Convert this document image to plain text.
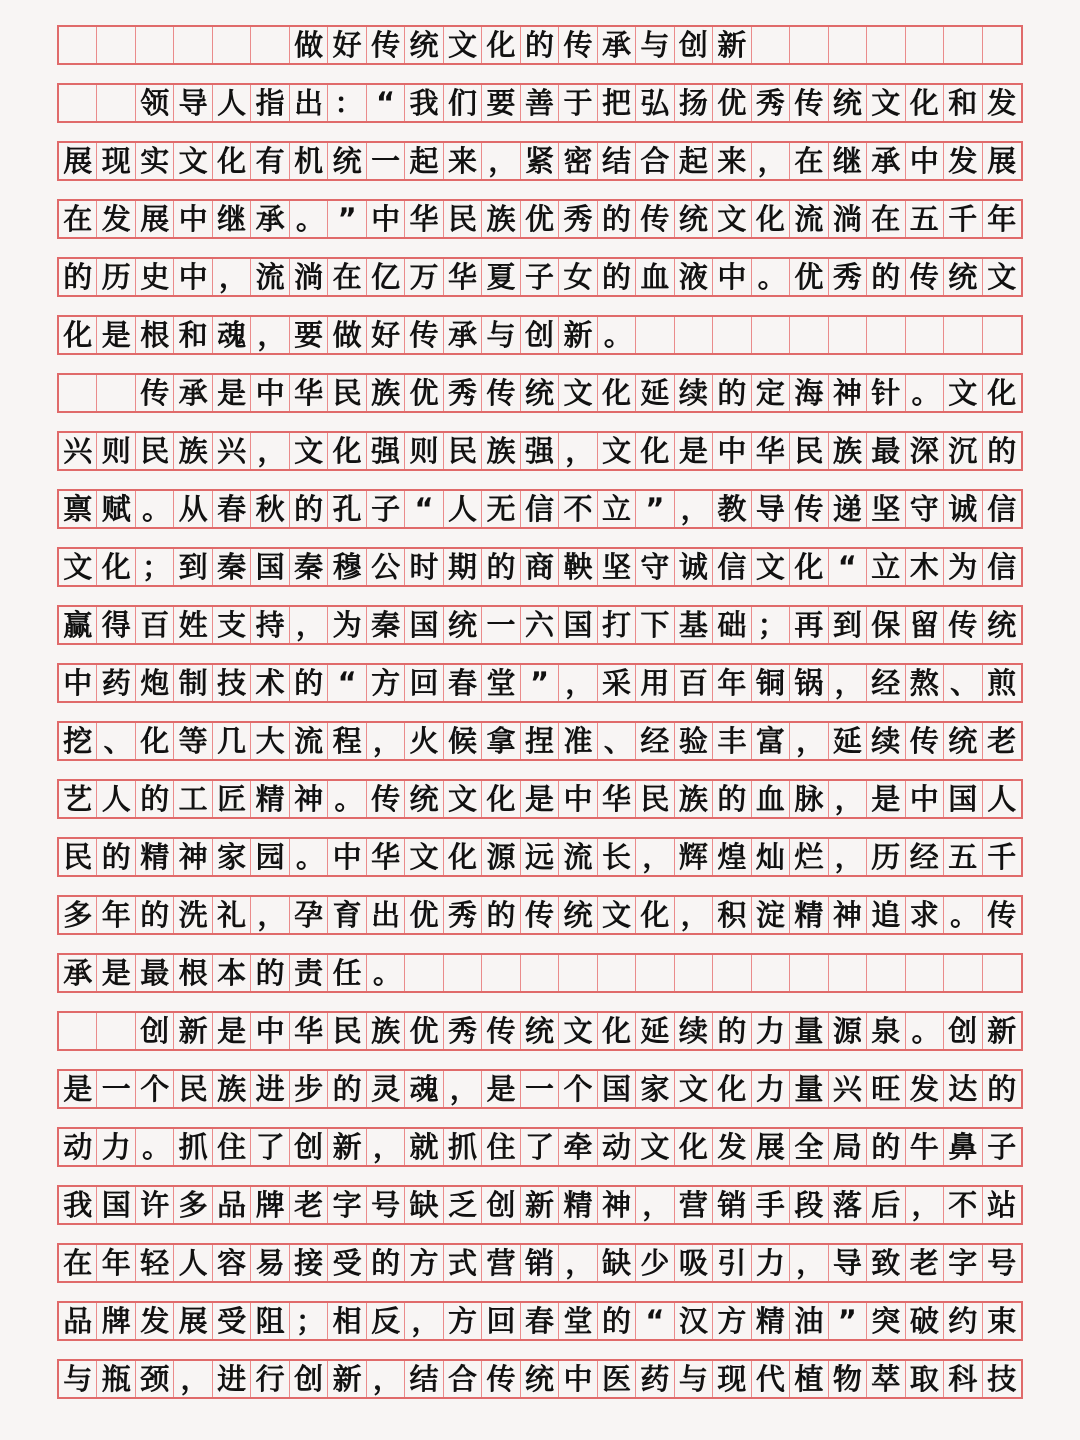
做 好 传 统 文 化 的 传 承 与 创 新
领 导 人 指 出 ： “ 我 们 要 善 于 把 弘 扬 优 秀 传 统 文 化 和 发
展 现 实 文 化 有 机 统 一 起 来 ， 紧 密 结 合 起 来 ， 在 继 承 中 发 展
在 发 展 中 继 承 。 ” 中 华 民 族 优 秀 的 传 统 文 化 流 淌 在 五 千 年
的 历 史 中 ， 流 淌 在 亿 万 华 夏 子 女 的 血 液 中 。 优 秀 的 传 统 文
化 是 根 和 魂 ， 要 做 好 传 承 与 创 新 。
传 承 是 中 华 民 族 优 秀 传 统 文 化 延 续 的 定 海 神 针 。 文 化
兴 则 民 族 兴 ， 文 化 强 则 民 族 强 ， 文 化 是 中 华 民 族 最 深 沉 的
禀 赋 。 从 春 秋 的 孔 子 “ 人 无 信 不 立 ” ， 教 导 传 递 坚 守 诚 信
文 化 ； 到 秦 国 秦 穆 公 时 期 的 商 鞅 坚 守 诚 信 文 化 “ 立 木 为 信
赢 得 百 姓 支 持 ， 为 秦 国 统 一 六 国 打 下 基 础 ； 再 到 保 留 传 统
中 药 炮 制 技 术 的 “ 方 回 春 堂 ” ， 采 用 百 年 铜 锅 ， 经 熬 、 煎
挖 、 化 等 几 大 流 程 ， 火 候 拿 捏 准 、 经 验 丰 富 ， 延 续 传 统 老
艺 人 的 工 匠 精 神 。 传 统 文 化 是 中 华 民 族 的 血 脉 ， 是 中 国 人
民 的 精 神 家 园 。 中 华 文 化 源 远 流 长 ， 辉 煌 灿 烂 ， 历 经 五 千
多 年 的 洗 礼 ， 孕 育 出 优 秀 的 传 统 文 化 ， 积 淀 精 神 追 求 。 传
承 是 最 根 本 的 责 任 。
创 新 是 中 华 民 族 优 秀 传 统 文 化 延 续 的 力 量 源 泉 。 创 新
是 一 个 民 族 进 步 的 灵 魂 ， 是 一 个 国 家 文 化 力 量 兴 旺 发 达 的
动 力 。 抓 住 了 创 新 ， 就 抓 住 了 牵 动 文 化 发 展 全 局 的 牛 鼻 子
我 国 许 多 品 牌 老 字 号 缺 乏 创 新 精 神 ， 营 销 手 段 落 后 ， 不 站
在 年 轻 人 容 易 接 受 的 方 式 营 销 ， 缺 少 吸 引 力 ， 导 致 老 字 号
品 牌 发 展 受 阻 ； 相 反 ， 方 回 春 堂 的 “ 汉 方 精 油 ” 突 破 约 束
与 瓶 颈 ， 进 行 创 新 ， 结 合 传 统 中 医 药 与 现 代 植 物 萃 取 科 技
